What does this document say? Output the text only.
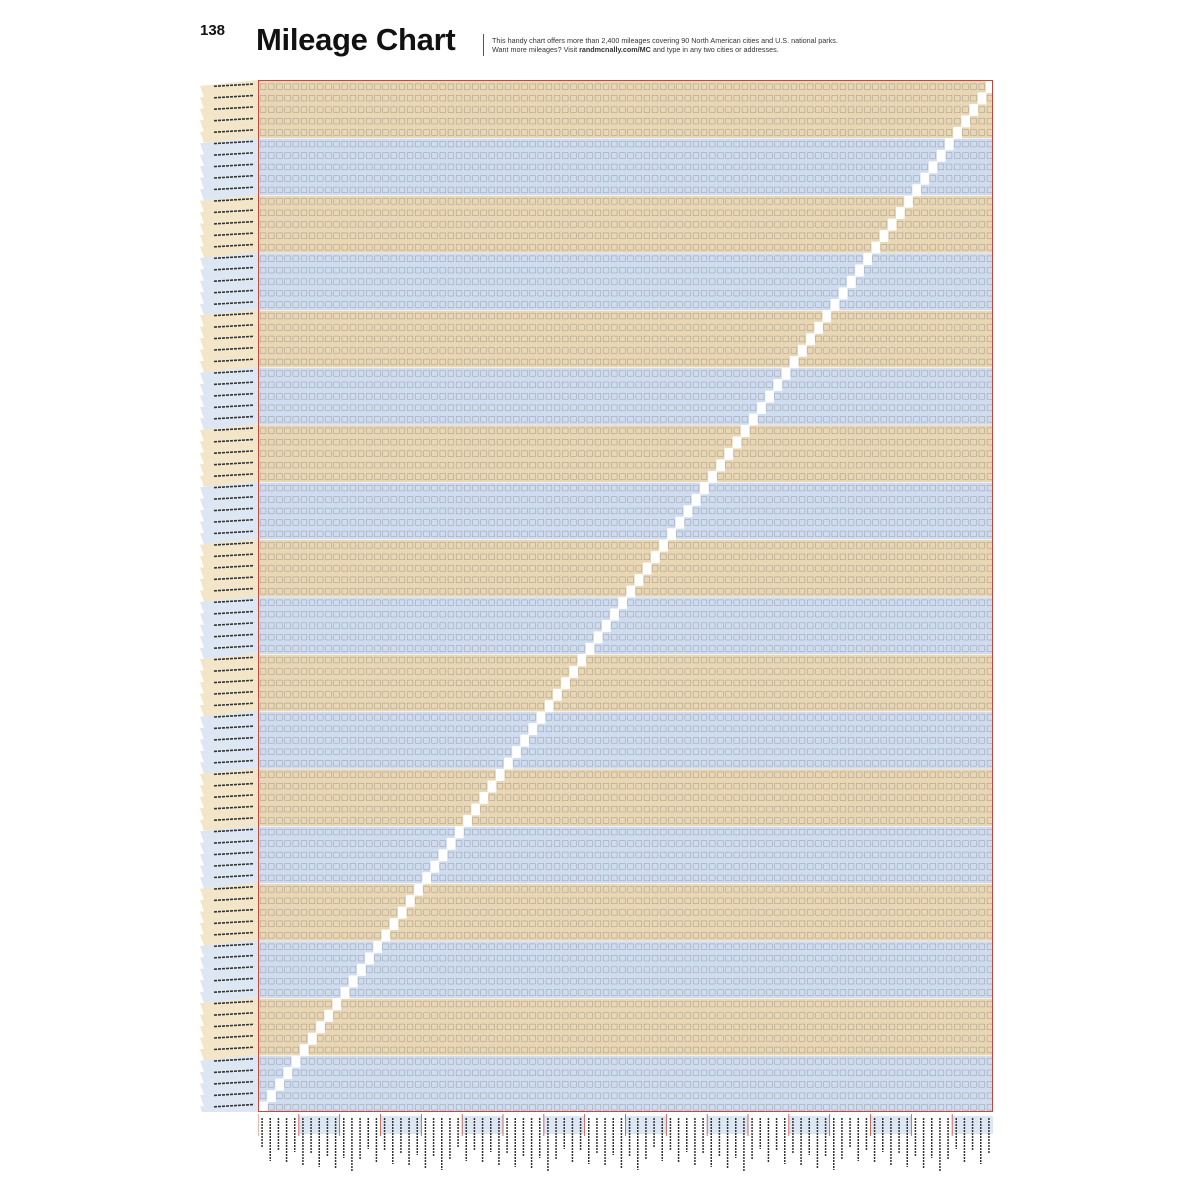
138 Mileage Chart	This handy chart offers more than 2,400 mileages covering 90 North American cities and U.S. national parks.
Want more mileages? Visit randmcnally.com/MC and type in any two cities or addresses.
